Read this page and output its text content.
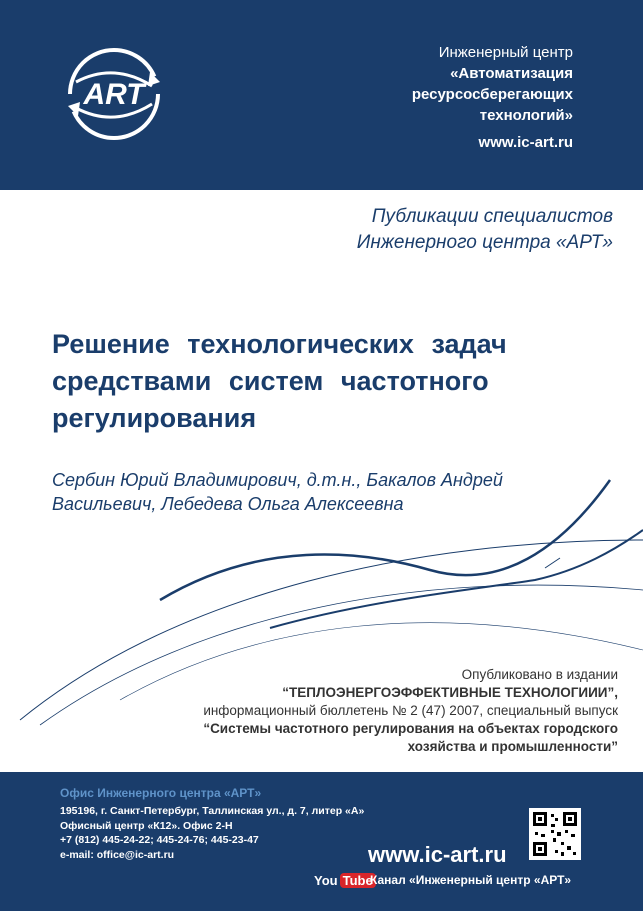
ART
Инженерный центр
«Автоматизация
ресурсосберегающих
технологий»
www.ic-art.ru
Публикации специалистов
Инженерного центра «АРТ»
Решение технологических задач
средствами систем частотного
регулирования
Сербин Юрий Владимирович, д.т.н., Бакалов Андрей
Васильевич, Лебедева Ольга Алексеевна
Опубликовано в издании
“ТЕПЛОЭНЕРГОЭФФЕКТИВНЫЕ ТЕХНОЛОГИИИ”,
информационный бюллетень № 2 (47) 2007, специальный выпуск
“Системы частотного регулирования на объектах городского
хозяйства и промышленности”
Офис Инженерного центра «АРТ»
195196, г. Санкт-Петербург, Таллинская ул., д. 7, литер «А»
Офисный центр «К12». Офис 2-Н
+7 (812) 445-24-22; 445-24-76; 445-23-47
e-mail: office@ic-art.ru	www.ic-art.ru
You Tube
Канал «Инженерный центр «АРТ»
